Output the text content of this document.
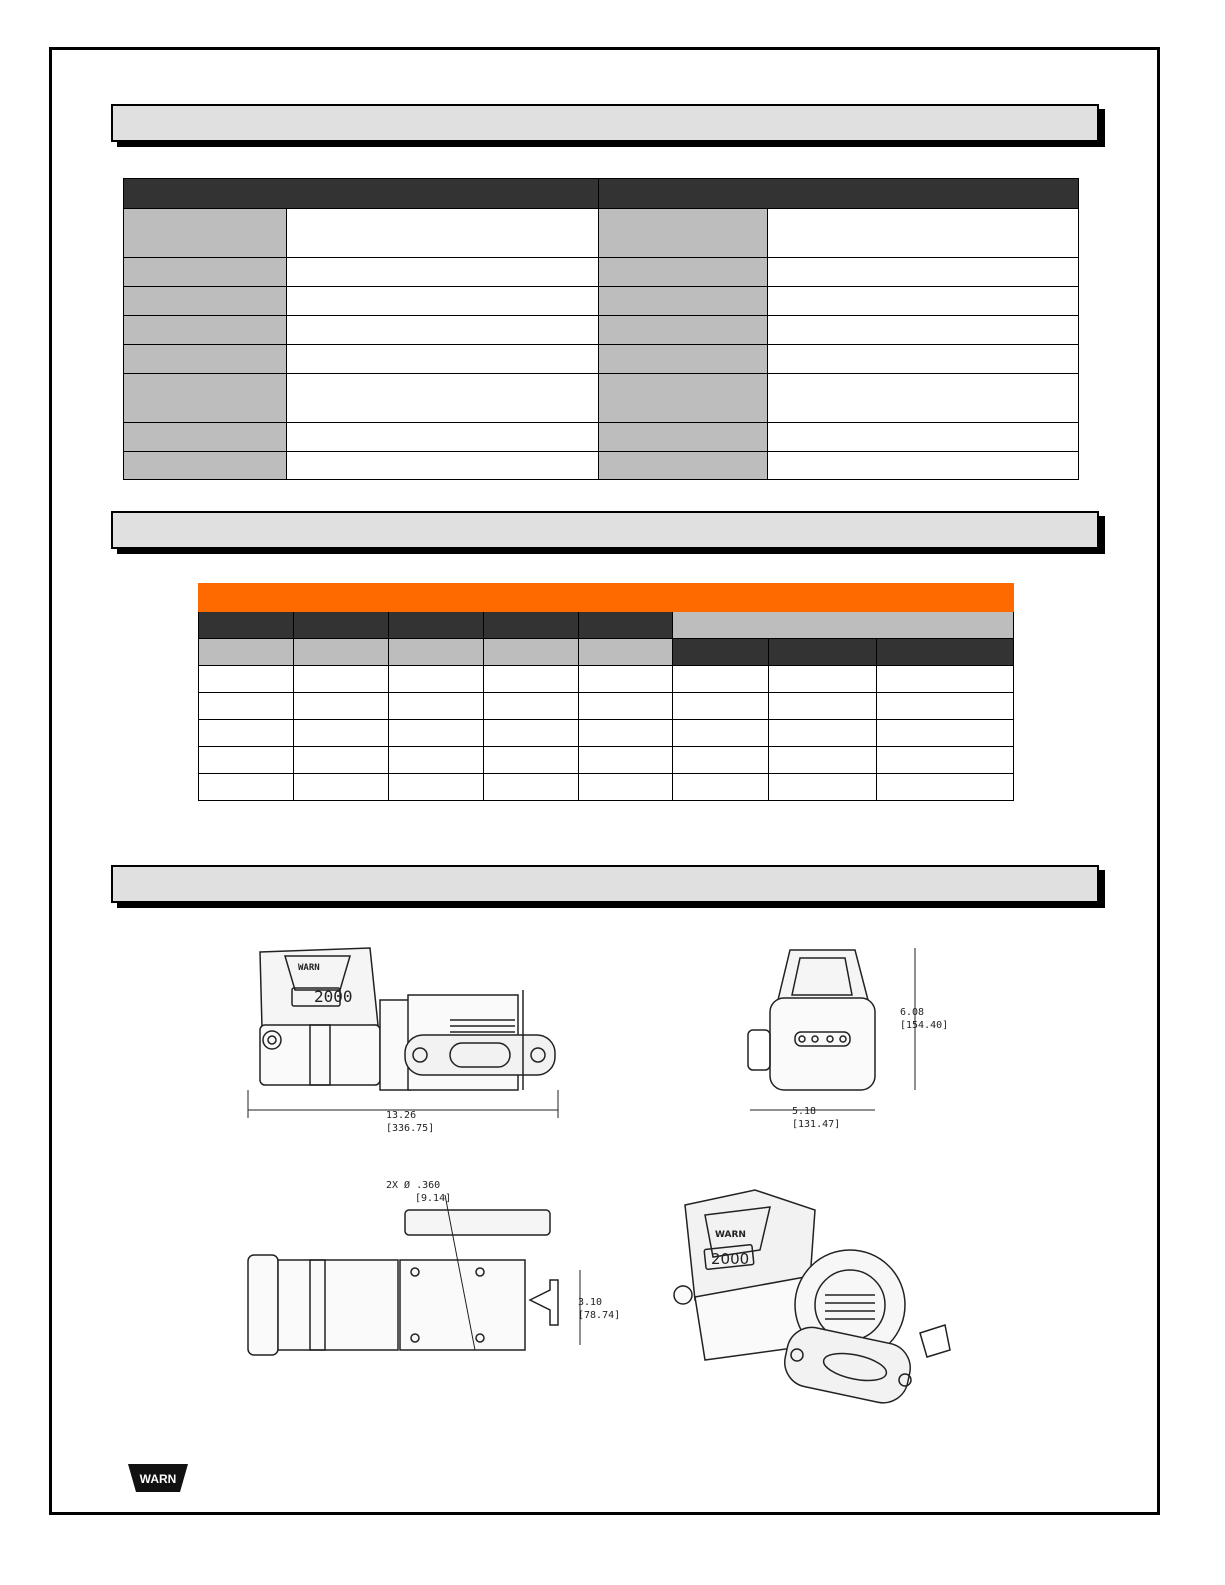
2000
WARN
13.26
[336.75]
6.08
[154.40]
5.18
[131.47]
2X Ø .360
[9.14]
3.10
[78.74]
WARN
2000
WARN
